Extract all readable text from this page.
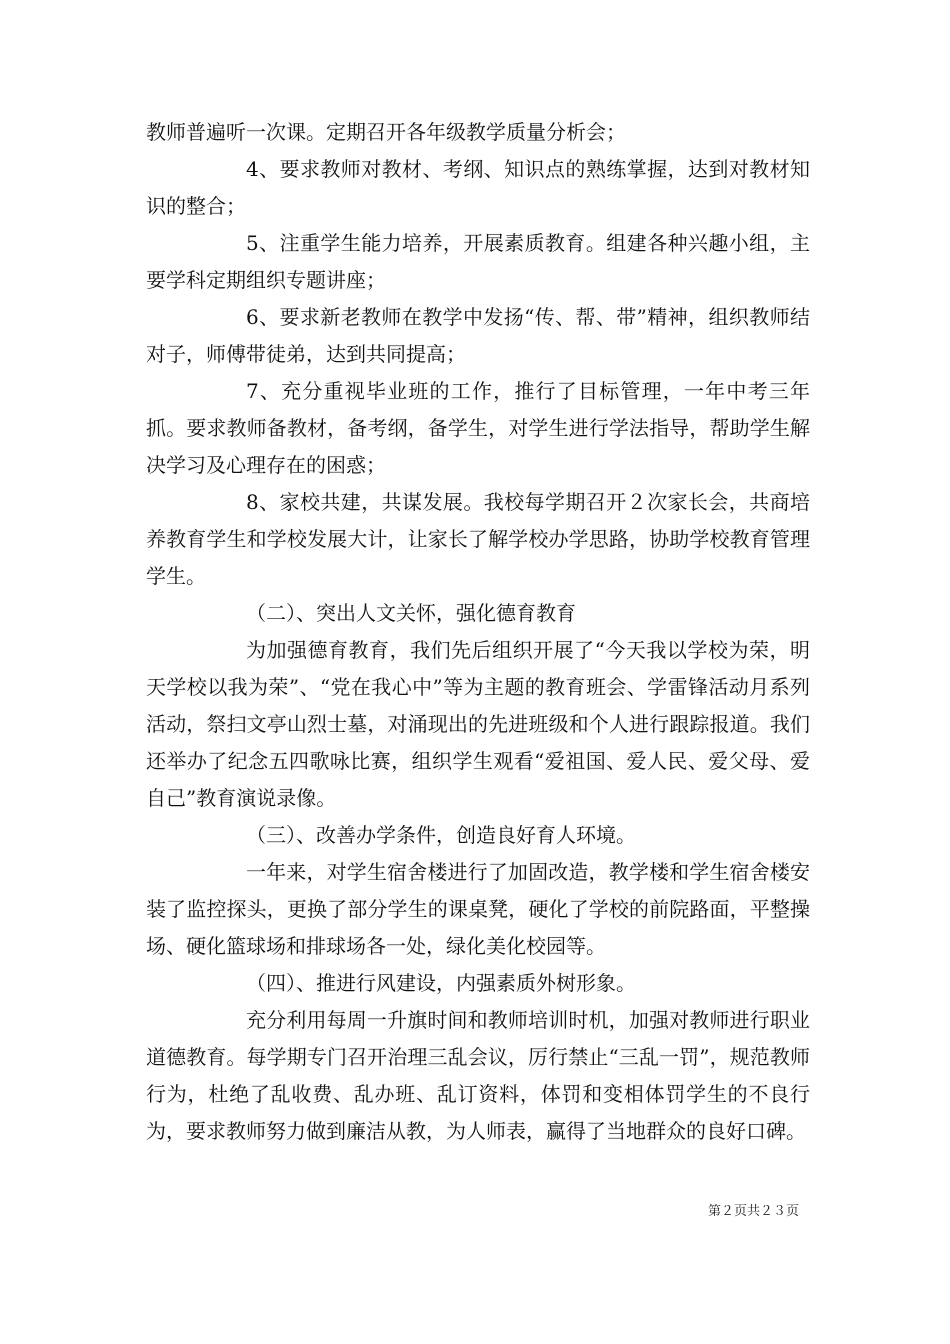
教师普遍听一次课。定期召开各年级教学质量分析会；

4、要求教师对教材、考纲、知识点的熟练掌握，达到对教材知识的整合；

5、注重学生能力培养，开展素质教育。组建各种兴趣小组，主要学科定期组织专题讲座；

6、要求新老教师在教学中发扬“传、帮、带”精神，组织教师结对子，师傅带徒弟，达到共同提高；

7、充分重视毕业班的工作，推行了目标管理，一年中考三年抓。要求教师备教材，备考纲，备学生，对学生进行学法指导，帮助学生解决学习及心理存在的困惑；

8、家校共建，共谋发展。我校每学期召开２次家长会，共商培养教育学生和学校发展大计，让家长了解学校办学思路，协助学校教育管理学生。

（二）、突出人文关怀，强化德育教育

为加强德育教育，我们先后组织开展了“今天我以学校为荣，明天学校以我为荣”、“党在我心中”等为主题的教育班会、学雷锋活动月系列活动，祭扫文亭山烈士墓，对涌现出的先进班级和个人进行跟踪报道。我们还举办了纪念五四歌咏比赛，组织学生观看“爱祖国、爱人民、爱父母、爱自己”教育演说录像。

（三）、改善办学条件，创造良好育人环境。

一年来，对学生宿舍楼进行了加固改造，教学楼和学生宿舍楼安装了监控探头，更换了部分学生的课桌凳，硬化了学校的前院路面，平整操场、硬化篮球场和排球场各一处，绿化美化校园等。

（四）、推进行风建设，内强素质外树形象。

充分利用每周一升旗时间和教师培训时机，加强对教师进行职业道德教育。每学期专门召开治理三乱会议，厉行禁止“三乱一罚”，规范教师行为，杜绝了乱收费、乱办班、乱订资料，体罚和变相体罚学生的不良行为，要求教师努力做到廉洁从教，为人师表，赢得了当地群众的良好口碑。

第２页共２３页
